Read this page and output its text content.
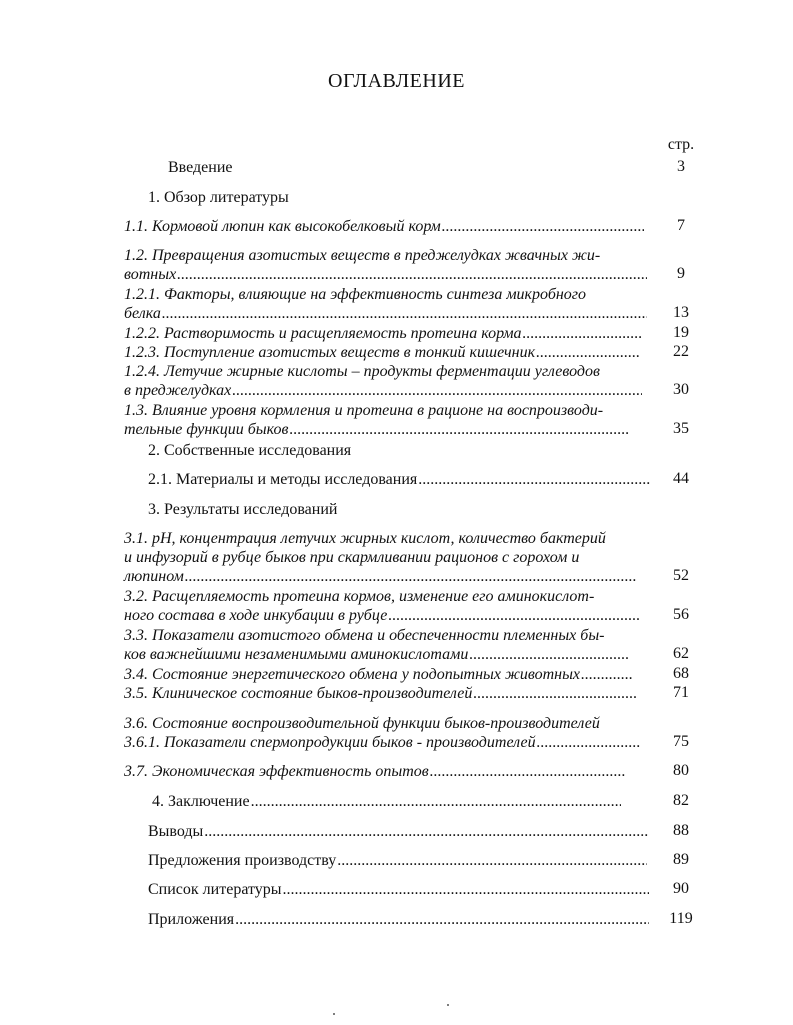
ОГЛАВЛЕНИЕ
стр.
Введение	3
1. Обзор литературы
1.1. Кормовой люпин как высокобелковый корм .....	7
1.2. Превращения азотистых веществ в преджелудках жвачных жи-
вотных .....	9
1.2.1. Факторы, влияющие на эффективность синтеза микробного
белка .....	13
1.2.2. Растворимость и расщепляемость протеина корма .....	19
1.2.3. Поступление азотистых веществ в тонкий кишечник .....	22
1.2.4. Летучие жирные кислоты – продукты ферментации углеводов
в преджелудках .....	30
1.3. Влияние уровня кормления и протеина в рационе на воспроизводи-
тельные функции быков .....	35
2. Собственные исследования
2.1. Материалы и методы исследования .....	44
3. Результаты исследований
3.1. pH, концентрация летучих жирных кислот, количество бактерий
и инфузорий в рубце быков при скармливании рационов с горохом и
люпином .....	52
3.2. Расщепляемость протеина кормов, изменение его аминокислот-
ного состава в ходе инкубации в рубце .....	56
3.3. Показатели азотистого обмена и обеспеченности племенных бы-
ков важнейшими незаменимыми аминокислотами .....	62
3.4. Состояние энергетического обмена у подопытных животных .....	68
3.5. Клиническое состояние быков-производителей .....	71
3.6. Состояние воспроизводительной функции быков-производителей
3.6.1. Показатели спермопродукции быков - производителей .....	75
3.7. Экономическая эффективность опытов .....	80
4. Заключение .....	82
Выводы .....	88
Предложения производству .....	89
Список литературы .....	90
Приложения .....	119
